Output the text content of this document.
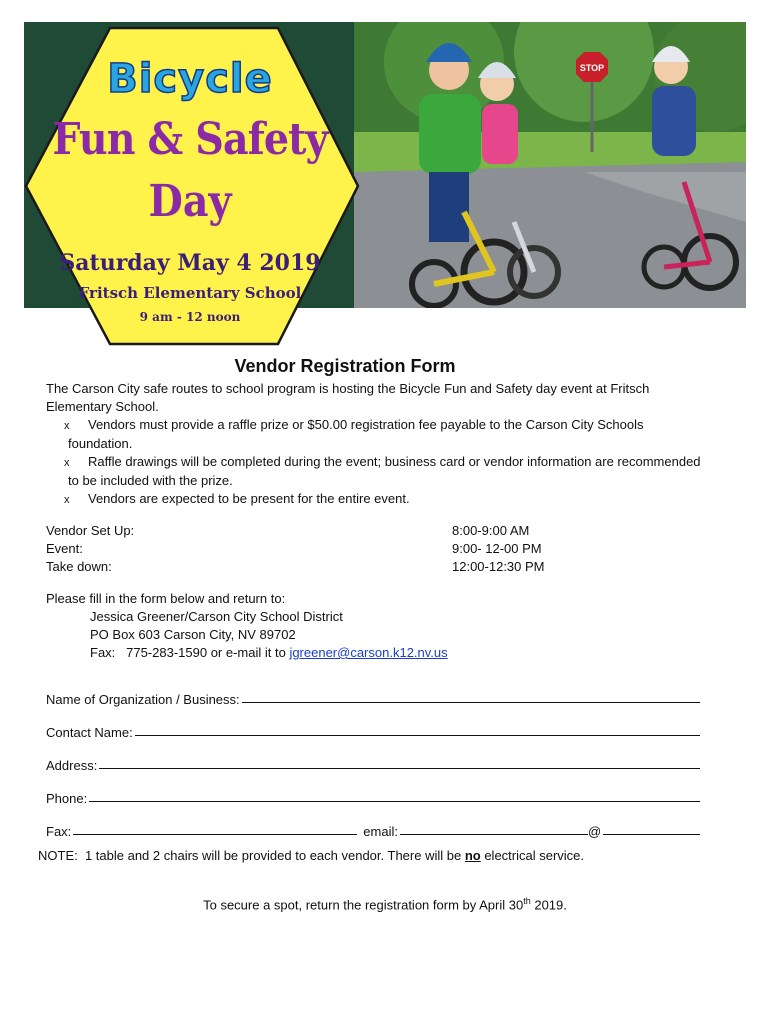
STOP
Bicycle
Fun & Safety
Day
Saturday May 4 2019
Fritsch Elementary School
9 am - 12 noon
Vendor Registration Form

The Carson City safe routes to school program is hosting the Bicycle Fun and Safety day event at Fritsch Elementary School.

x Vendors must provide a raffle prize or $50.00 registration fee payable to the Carson City Schools foundation.
x Raffle drawings will be completed during the event; business card or vendor information are recommended to be included with the prize.
x Vendors are expected to be present for the entire event.
Vendor Set Up:	8:00-9:00 AM
Event:	9:00- 12-00 PM
Take down:	12:00-12:30 PM
Please fill in the form below and return to:
Jessica Greener/Carson City School District
PO Box 603 Carson City, NV 89702
Fax:   775-283-1590 or e-mail it to jgreener@carson.k12.nv.us
Name of Organization / Business:
Contact Name:
Address:
Phone:
Fax:	email:	@
NOTE:  1 table and 2 chairs will be provided to each vendor. There will be no electrical service.
To secure a spot, return the registration form by April 30th 2019.
